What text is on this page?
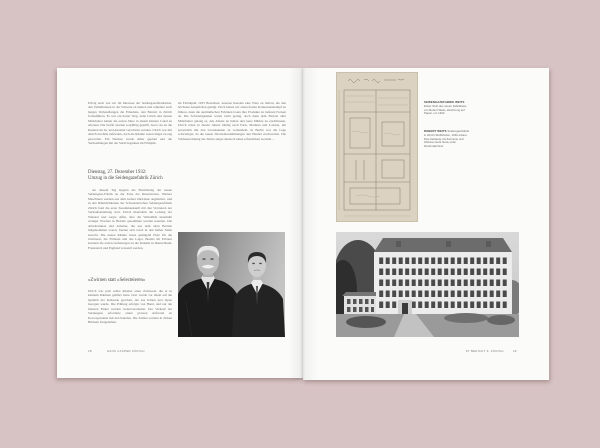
Erfolg auch wie wir im Interesse der Seidengazefabrikation, den Verhältnissen in der Schweiz zu ändern und erhielten nach langen Verhandlungen die Erlaubnis, den Betrieb in Zürich fortzuführen. Es war ein harter Weg, denn Ulrich und dessen Mitarbeiter hatten die ersten Jahre in einem kleinen Lokal zu arbeiten. Die Stoffe wurden sorgfältig geprüft, bevor sie an die Kunden im In- und Ausland verschickt wurden. Ulrich war mit dem Fortschritt zufrieden, doch die Räume waren längst zu eng geworden. Ein Neubau wurde daher geplant und die Verhandlungen mit der Stadt begannen im Frühjahr.

Dienstag, 27. Dezember 1932:
Umzug in die Seidengazefabrik Zürich

An diesem Tag begann die Einrichtung der neuen Seidengaze-Fabrik an der Ecke der Rieterstrasse. Weitere Maschinen wurden aus dem Gebiet Zürichsee angeliefert, und in den Räumlichkeiten der Schweizerischen Seidengazefabrik Zürich fand die erste Zusammenkunft mit den Vertretern der Verkaufsabteilung statt. Ulrich übernahm die Leitung der Weberei und sorgte dafür, dass die Webstühle innerhalb weniger Wochen in Betrieb genommen werden konnten. Die Arbeiterinnen und Arbeiter, die aus dem alten Betrieb mitgekommen waren, fanden sich rasch in den hellen Sälen zurecht. Die neuen Räume boten genügend Platz für die Zwirnerei, die Färberei und das Lager. Bereits im Februar konnten die ersten Lieferungen an die Kunden in Deutschland, Frankreich und England versandt werden.

»Zwirnen statt »Selecteieren«

Ulrich war jetzt selbst Inhaber einer Zwirnerei, die er in kleinem Rahmen geführt hatte. Dort wurde vor allem auf die Qualität der Rohseide geachtet, die aus Italien und Japan bezogen wurde. Die Prüfung erfolgte von Hand, und nur die feinsten Fäden wurden weiterverarbeitet. Der Verkauf der Seidengaze erforderte einen grossen Aufwand an Korrespondenz mit den Kunden. Die Zahlen wurden in dicken Büchern festgehalten.

im Fabrikjahr 1933 Bestreben, unseren Kunden eine Ware zu liefern, die den höchsten Ansprüchen genügt. Doch hatten wir einen harten Konkurrenzkampf zu führen, denn die ausländischen Fabriken boten ihre Produkte zu tieferen Preisen an. Die Schwierigkeiten waren nicht gering, doch dank dem Einsatz aller Mitarbeiter gelang es, den Absatz zu halten und neue Märkte zu erschliessen. Ulrich reiste in diesen Jahren häufig nach Paris, Mailand und London, um persönlich mit den Grosskunden zu verhandeln. In Berlin war die Lage schwieriger, da die neuen Devisenbestimmungen den Handel erschwerten. Die Schlussrechnung des Jahres zeigte dennoch einen erfreulichen Gewinn …

28	HANS CASPER ZÜRICH
SEIDENGAZEFABRIK WEITS Erster Wurf des neuen Fabrikbaus von Robert Weits, Zeichnung auf Papier, um 1932.
ROBERT WEITS Seidengazefabrik in Zürich-Wollishofen, 1932 erbaut. Das Gebäude mit Zwirnerei und Weberei steht heute unter Denkmalschutz.
87 BERICHT Z. ZÜRICH	29
